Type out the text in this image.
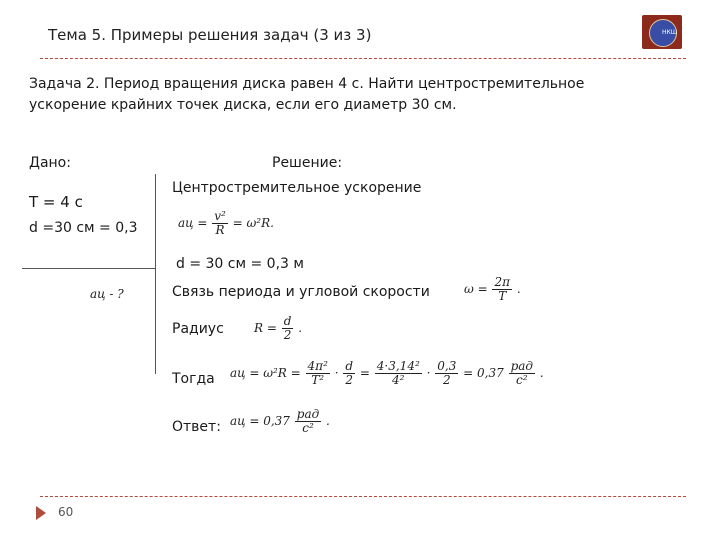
Тема 5. Примеры решения задач (3 из 3)	НКШ
Задача 2. Период вращения диска равен 4 с. Найти центростремительное
ускорение крайних точек диска, если его диаметр 30 см.
Дано:	Решение:
T = 4 c
d =30 см = 0,3
aц - ?
Центростремительное ускорение
aц = $\frac{\text{v²}}{R} = \omega^2R$.
d = 30 см = 0,3 м
Связь периода и угловой скорости	$\omega = \frac{2\pi}{T}$ .
Радиус	$R = \frac{d}{2}$ .
Тогда aц = $\omega^2R = \frac{\text{4π²}}{\text{T²}} \cdot \frac{d}{2} = \frac{\text{4·3,14²}}{\text{4²}} \cdot \frac{0,3}{2} = 0,37 \frac{\text{рад}}{\text{с²}}$ .
Ответ: aц = $0,37 \frac{\text{рад}}{\text{с²}}$ .
60
